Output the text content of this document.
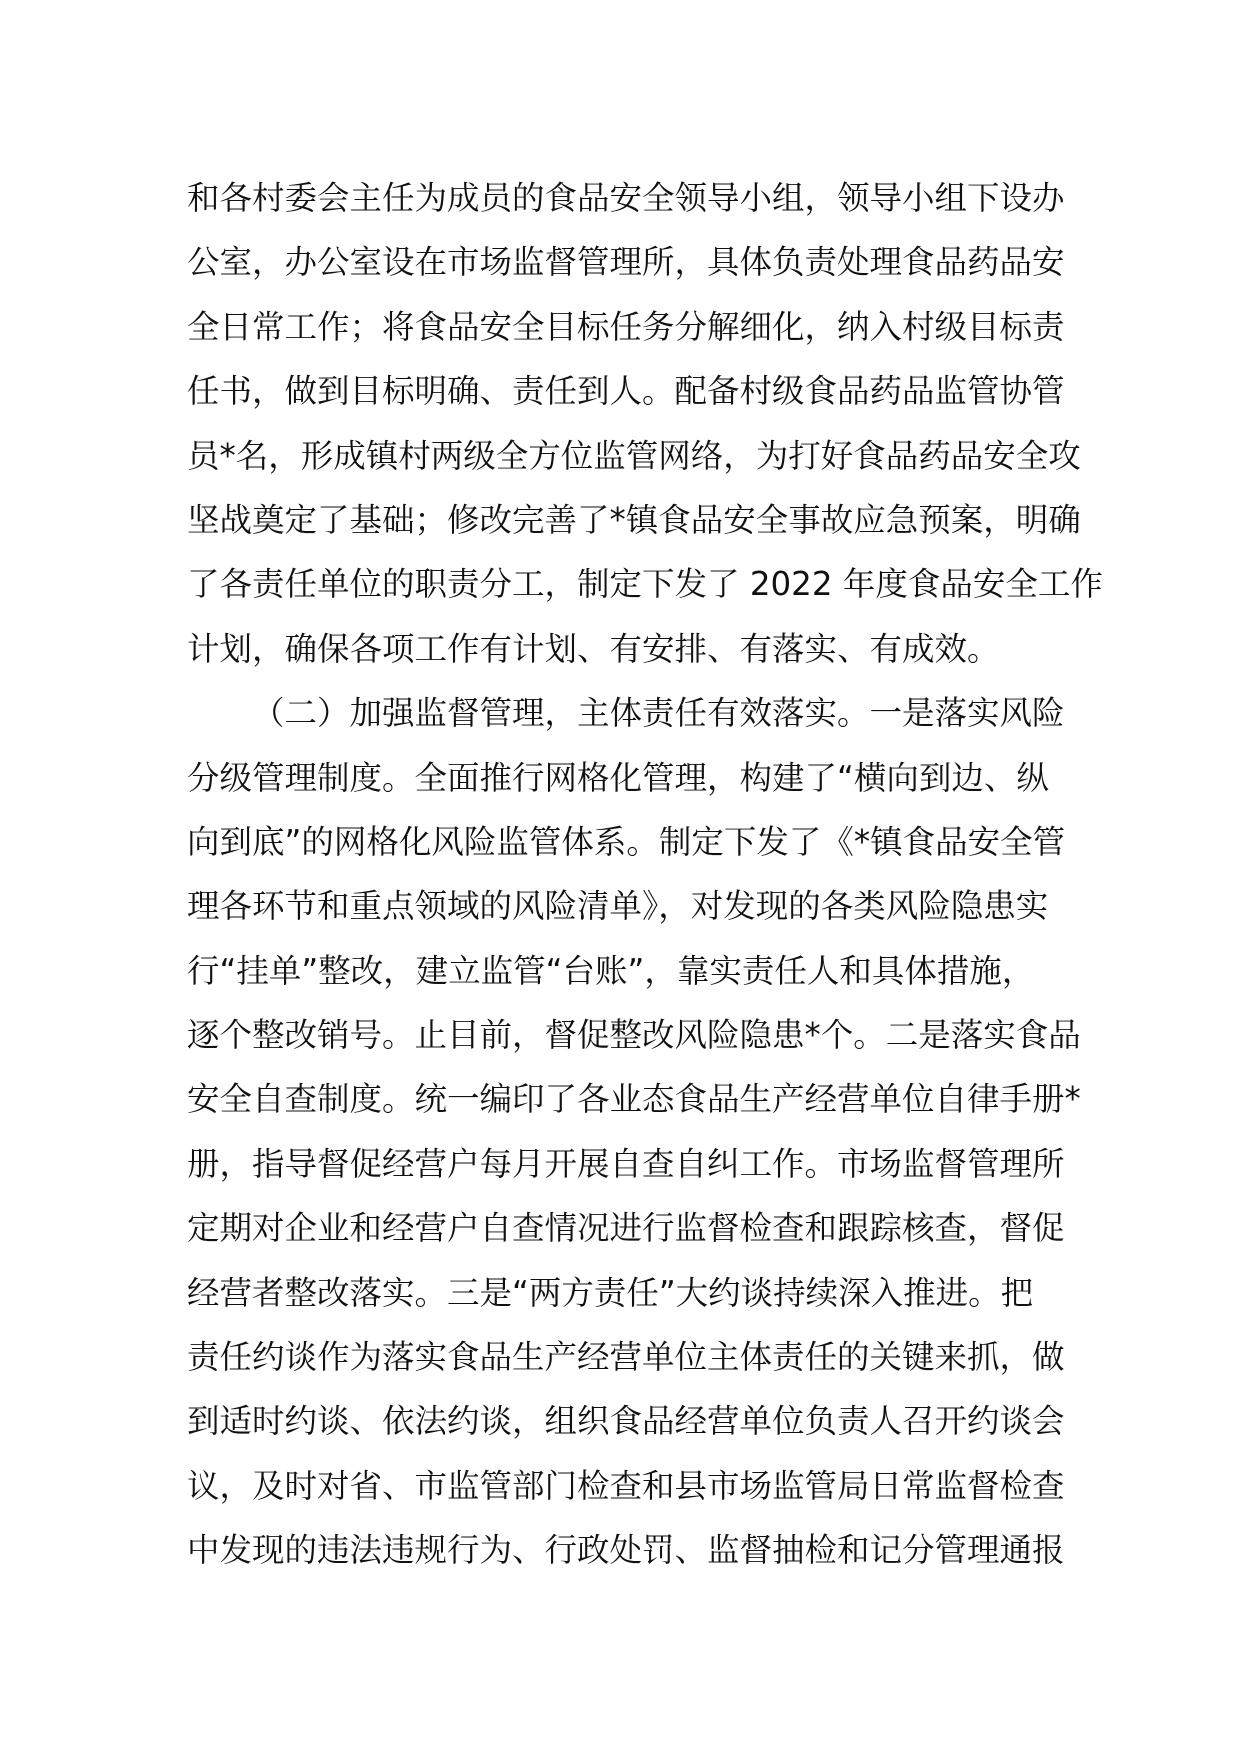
和各村委会主任为成员的食品安全领导小组，领导小组下设办
公室，办公室设在市场监督管理所，具体负责处理食品药品安
全日常工作；将食品安全目标任务分解细化，纳入村级目标责
任书，做到目标明确、责任到人。配备村级食品药品监管协管
员*名，形成镇村两级全方位监管网络，为打好食品药品安全攻
坚战奠定了基础；修改完善了*镇食品安全事故应急预案，明确
了各责任单位的职责分工，制定下发了 2022 年度食品安全工作
计划，确保各项工作有计划、有安排、有落实、有成效。
（二）加强监督管理，主体责任有效落实。一是落实风险
分级管理制度。全面推行网格化管理，构建了“横向到边、纵
向到底”的网格化风险监管体系。制定下发了《*镇食品安全管
理各环节和重点领域的风险清单》，对发现的各类风险隐患实
行“挂单”整改，建立监管“台账”，靠实责任人和具体措施，
逐个整改销号。止目前，督促整改风险隐患*个。二是落实食品
安全自查制度。统一编印了各业态食品生产经营单位自律手册*
册，指导督促经营户每月开展自查自纠工作。市场监督管理所
定期对企业和经营户自查情况进行监督检查和跟踪核查，督促
经营者整改落实。三是“两方责任”大约谈持续深入推进。把
责任约谈作为落实食品生产经营单位主体责任的关键来抓，做
到适时约谈、依法约谈，组织食品经营单位负责人召开约谈会
议，及时对省、市监管部门检查和县市场监管局日常监督检查
中发现的违法违规行为、行政处罚、监督抽检和记分管理通报
